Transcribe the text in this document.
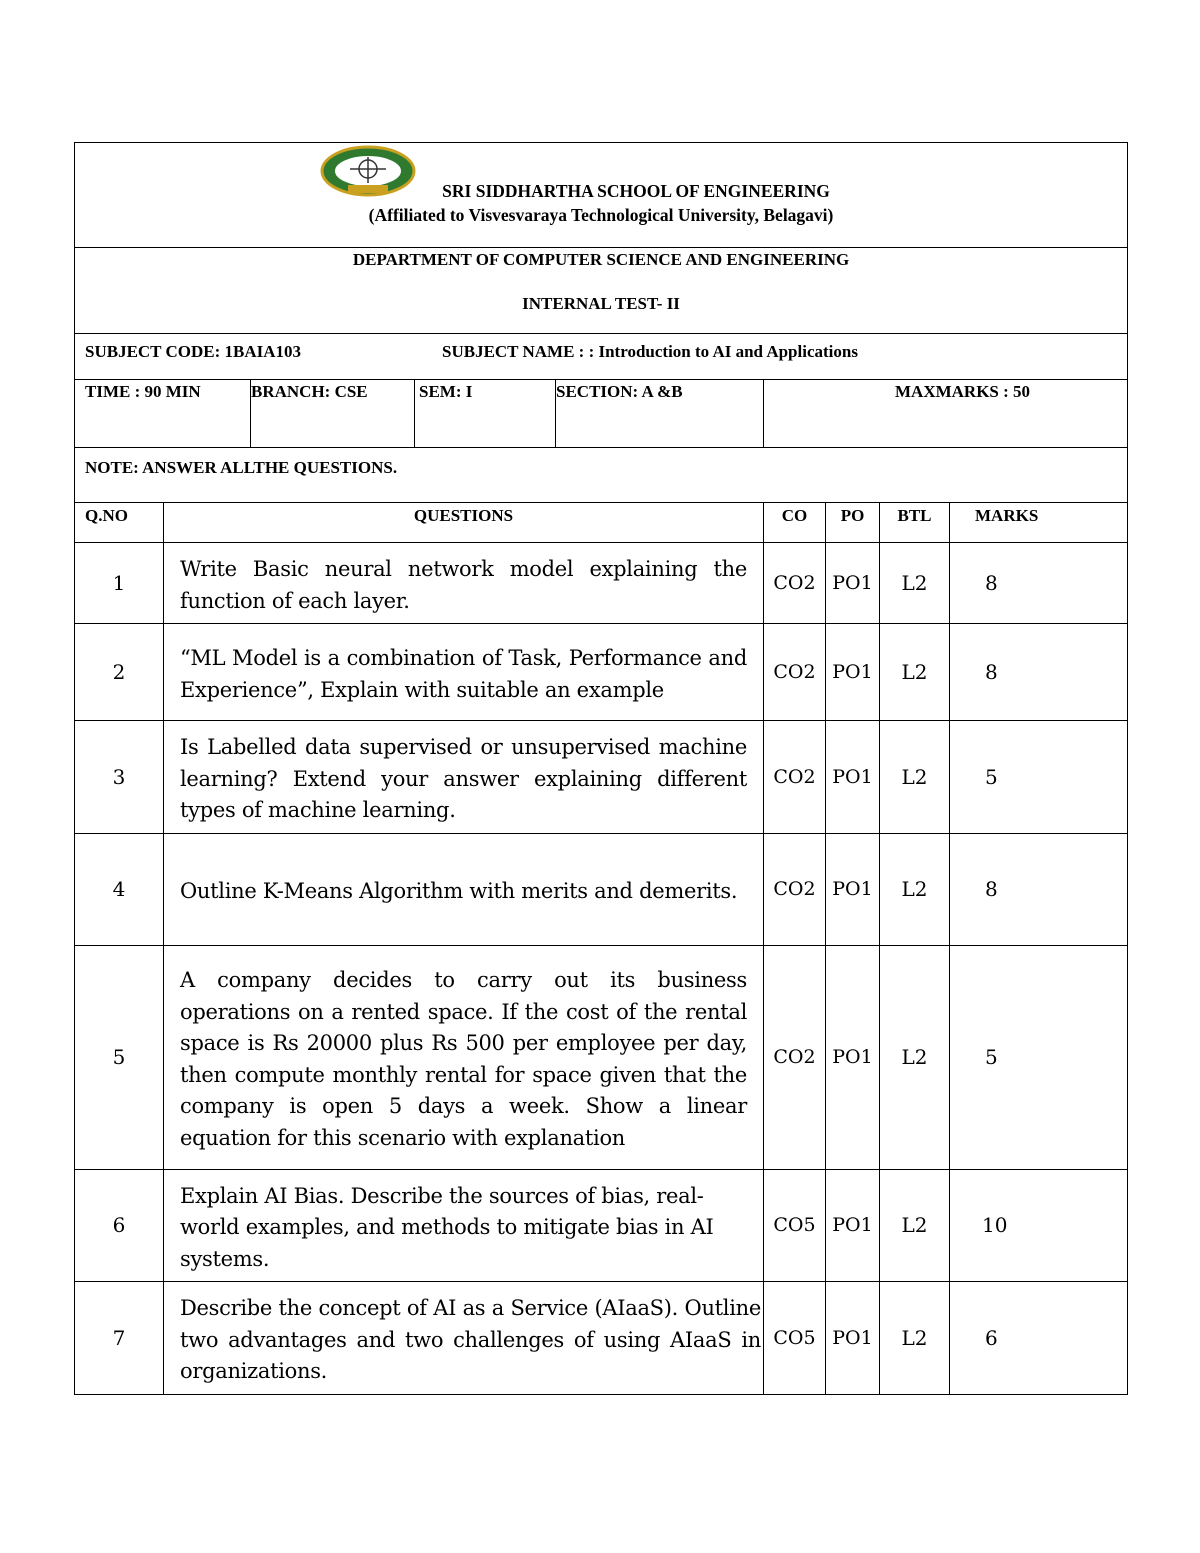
SRI SIDDHARTHA SCHOOL OF ENGINEERING
(Affiliated to Visvesvaraya Technological University, Belagavi)								

DEPARTMENT OF COMPUTER SCIENCE AND ENGINEERING
INTERNAL TEST- II								

SUBJECT CODE: 1BAIA103 SUBJECT NAME : : Introduction to AI and Applications								

TIME : 90 MIN		BRANCH: CSE	SEM: I	SECTION: A &B	MAXMARKS : 50			
NOTE: ANSWER ALLTHE QUESTIONS.								
Q.NO	QUESTIONS				CO	PO	BTL	MARKS
1	Write Basic neural network model explaining the function of each layer.				CO2	PO1	L2	8
2	“ML Model is a combination of Task, Performance and Experience”, Explain with suitable an example				CO2	PO1	L2	8
3	Is Labelled data supervised or unsupervised machine learning? Extend your answer explaining different types of machine learning.				CO2	PO1	L2	5
4	Outline K-Means Algorithm with merits and demerits.				CO2	PO1	L2	8
5	A company decides to carry out its business operations on a rented space. If the cost of the rental space is Rs 20000 plus Rs 500 per employee per day, then compute monthly rental for space given that the company is open 5 days a week. Show a linear equation for this scenario with explanation				CO2	PO1	L2	5
6	Explain AI Bias. Describe the sources of bias, real-world examples, and methods to mitigate bias in AI systems.				CO5	PO1	L2	10
7	Describe the concept of AI as a Service (AIaaS). Outline two advantages and two challenges of using AIaaS in organizations.				CO5	PO1	L2	6
